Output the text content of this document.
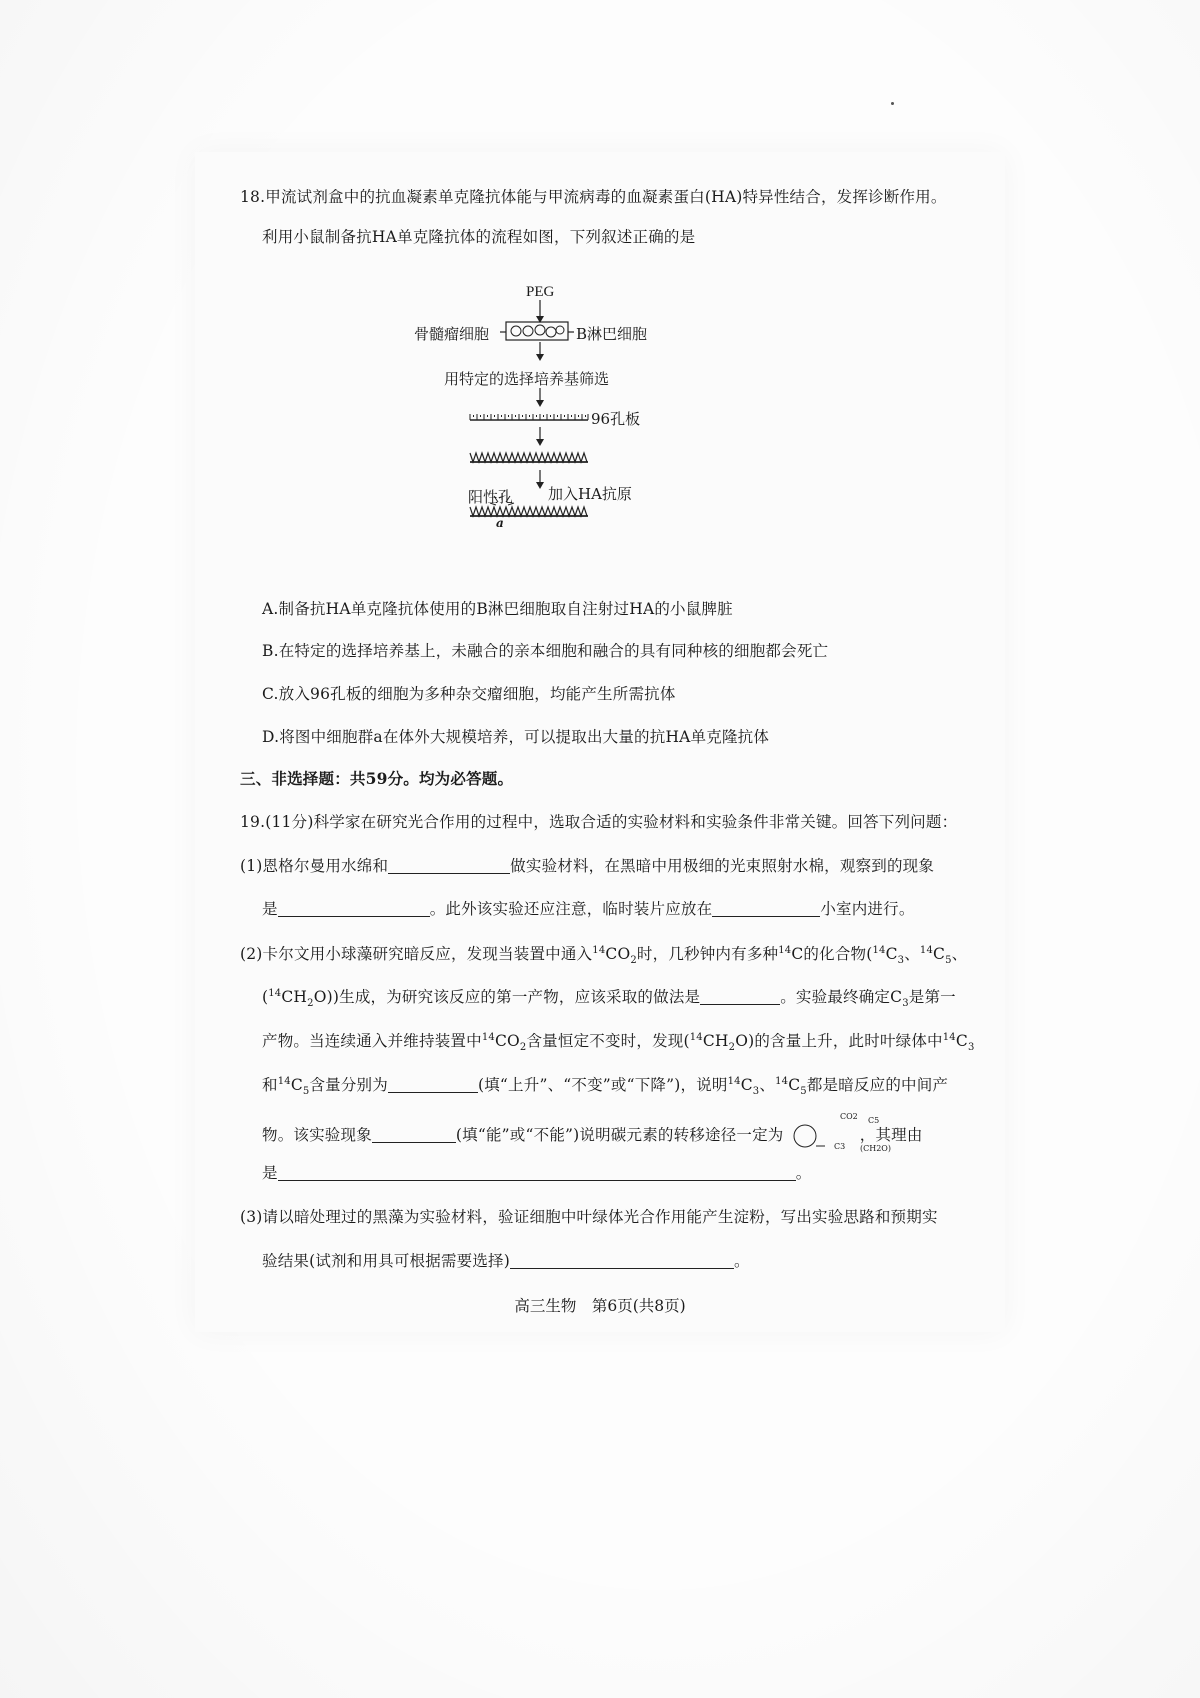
18.甲流试剂盒中的抗血凝素单克隆抗体能与甲流病毒的血凝素蛋白(HA)特异性结合，发挥诊断作用。
利用小鼠制备抗HA单克隆抗体的流程如图，下列叙述正确的是
PEG
骨髓瘤细胞	B淋巴细胞
用特定的选择培养基筛选
96孔板
阳性孔 加入HA抗原
a
A.制备抗HA单克隆抗体使用的B淋巴细胞取自注射过HA的小鼠脾脏
B.在特定的选择培养基上，未融合的亲本细胞和融合的具有同种核的细胞都会死亡
C.放入96孔板的细胞为多种杂交瘤细胞，均能产生所需抗体
D.将图中细胞群a在体外大规模培养，可以提取出大量的抗HA单克隆抗体
三、非选择题：共59分。均为必答题。
19.(11分)科学家在研究光合作用的过程中，选取合适的实验材料和实验条件非常关键。回答下列问题：
(1)恩格尔曼用水绵和	做实验材料，在黑暗中用极细的光束照射水棉，观察到的现象
是	。此外该实验还应注意，临时装片应放在	小室内进行。
(2)卡尔文用小球藻研究暗反应，发现当装置中通入$^{14}CO_2$时，几秒钟内有多种$^{14}$C的化合物($^{14}C_3$、$^{14}C_5$、
$(^{14}CH_2O)$)生成，为研究该反应的第一产物，应该采取的做法是	。实验最终确定$C_3$是第一
产物。当连续通入并维持装置中$^{14}CO_2$含量恒定不变时，发现$(^{14}CH_2O)$的含量上升，此时叶绿体中$^{14}C_3$
和$^{14}C_5$含量分别为	(填“上升”、“不变”或“下降”)，说明$^{14}C_3$、$^{14}C_5$都是暗反应的中间产
物。该实验现象	(填“能”或“不能”)说明碳元素的转移途径一定为	，其理由
CO2 C5
C3 (CH2O)
是	。
(3)请以暗处理过的黑藻为实验材料，验证细胞中叶绿体光合作用能产生淀粉，写出实验思路和预期实
验结果(试剂和用具可根据需要选择)	。
高三生物　第6页(共8页)
